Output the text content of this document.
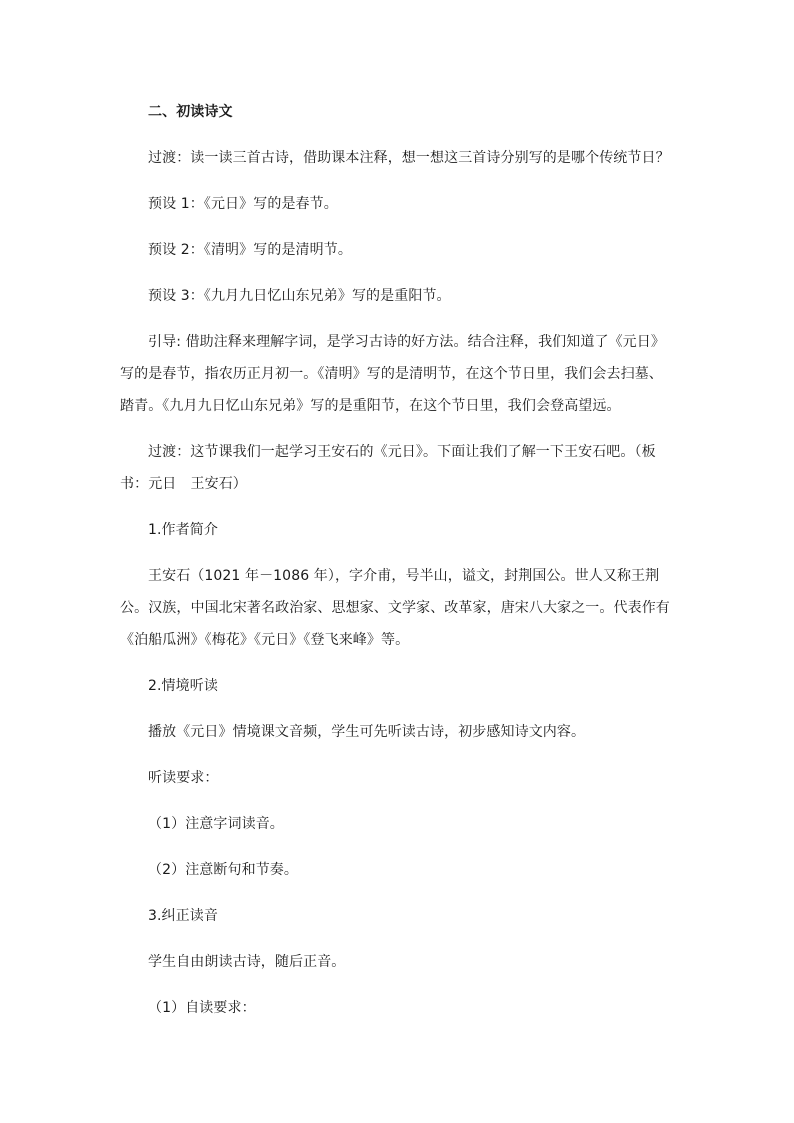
二、初读诗文

过渡：读一读三首古诗，借助课本注释，想一想这三首诗分别写的是哪个传统节日？

预设 1：《元日》写的是春节。

预设 2：《清明》写的是清明节。

预设 3：《九月九日忆山东兄弟》写的是重阳节。

引导: 借助注释来理解字词，是学习古诗的好方法。结合注释，我们知道了《元日》写的是春节，指农历正月初一。《清明》写的是清明节，在这个节日里，我们会去扫墓、踏青。《九月九日忆山东兄弟》写的是重阳节，在这个节日里，我们会登高望远。

过渡：这节课我们一起学习王安石的《元日》。下面让我们了解一下王安石吧。（板书：元日　王安石）

1.作者简介

王安石（1021 年－1086 年），字介甫，号半山，谥文，封荆国公。世人又称王荆公。汉族，中国北宋著名政治家、思想家、文学家、改革家，唐宋八大家之一。代表作有《泊船瓜洲》《梅花》《元日》《登飞来峰》等。

2.情境听读

播放《元日》情境课文音频，学生可先听读古诗，初步感知诗文内容。

听读要求：

（1）注意字词读音。

（2）注意断句和节奏。

3.纠正读音

学生自由朗读古诗，随后正音。

（1）自读要求：
